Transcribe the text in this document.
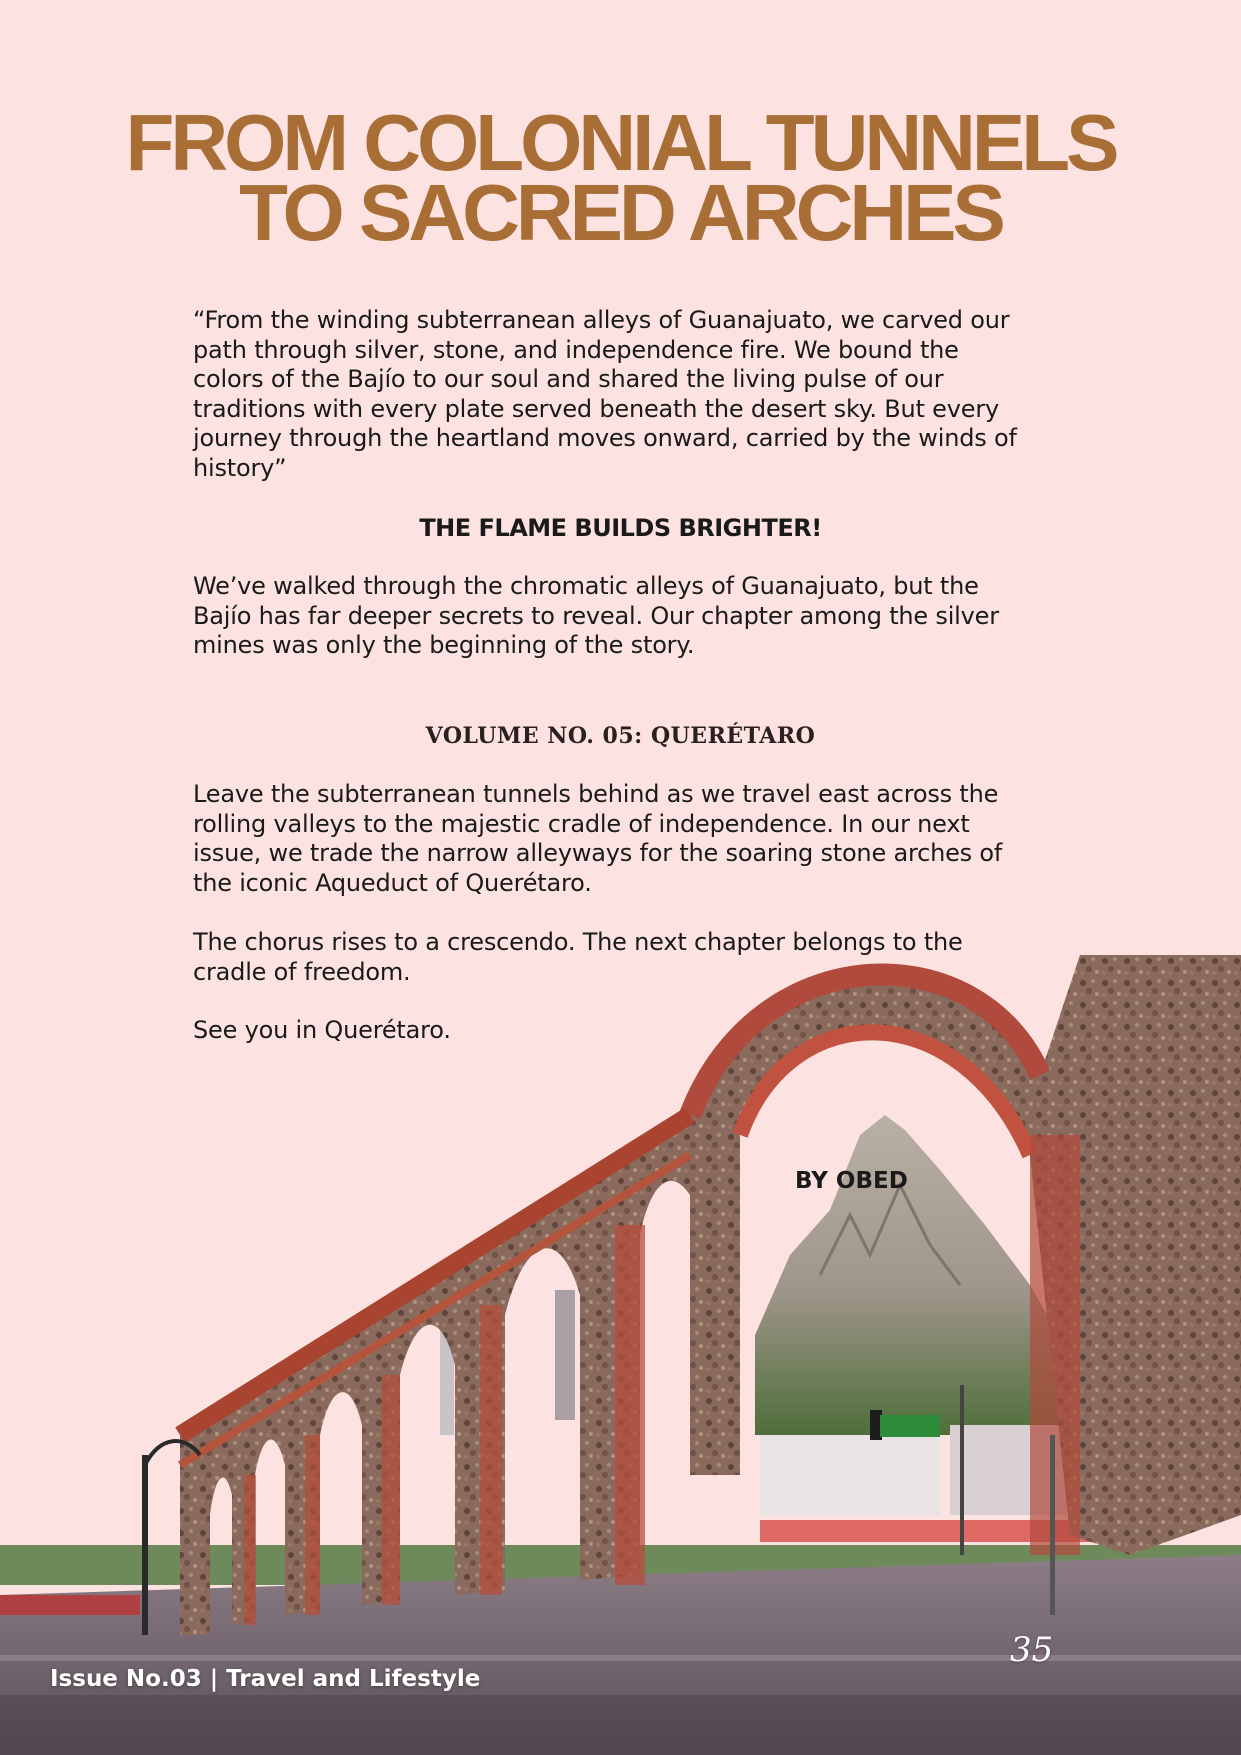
FROM COLONIAL TUNNELS
TO SACRED ARCHES

“From the winding subterranean alleys of Guanajuato, we carved our path through silver, stone, and independence fire. We bound the colors of the Bajío to our soul and shared the living pulse of our traditions with every plate served beneath the desert sky. But every journey through the heartland moves onward, carried by the winds of history”

THE FLAME BUILDS BRIGHTER!

We’ve walked through the chromatic alleys of Guanajuato, but the Bajío has far deeper secrets to reveal. Our chapter among the silver mines was only the beginning of the story.

VOLUME NO. 05: QUERÉTARO

Leave the subterranean tunnels behind as we travel east across the rolling valleys to the majestic cradle of independence. In our next issue, we trade the narrow alleyways for the soaring stone arches of the iconic Aqueduct of Querétaro.

The chorus rises to a crescendo. The next chapter belongs to the cradle of freedom.

See you in Querétaro.

BY OBED
35
Issue No.03 | Travel and Lifestyle
